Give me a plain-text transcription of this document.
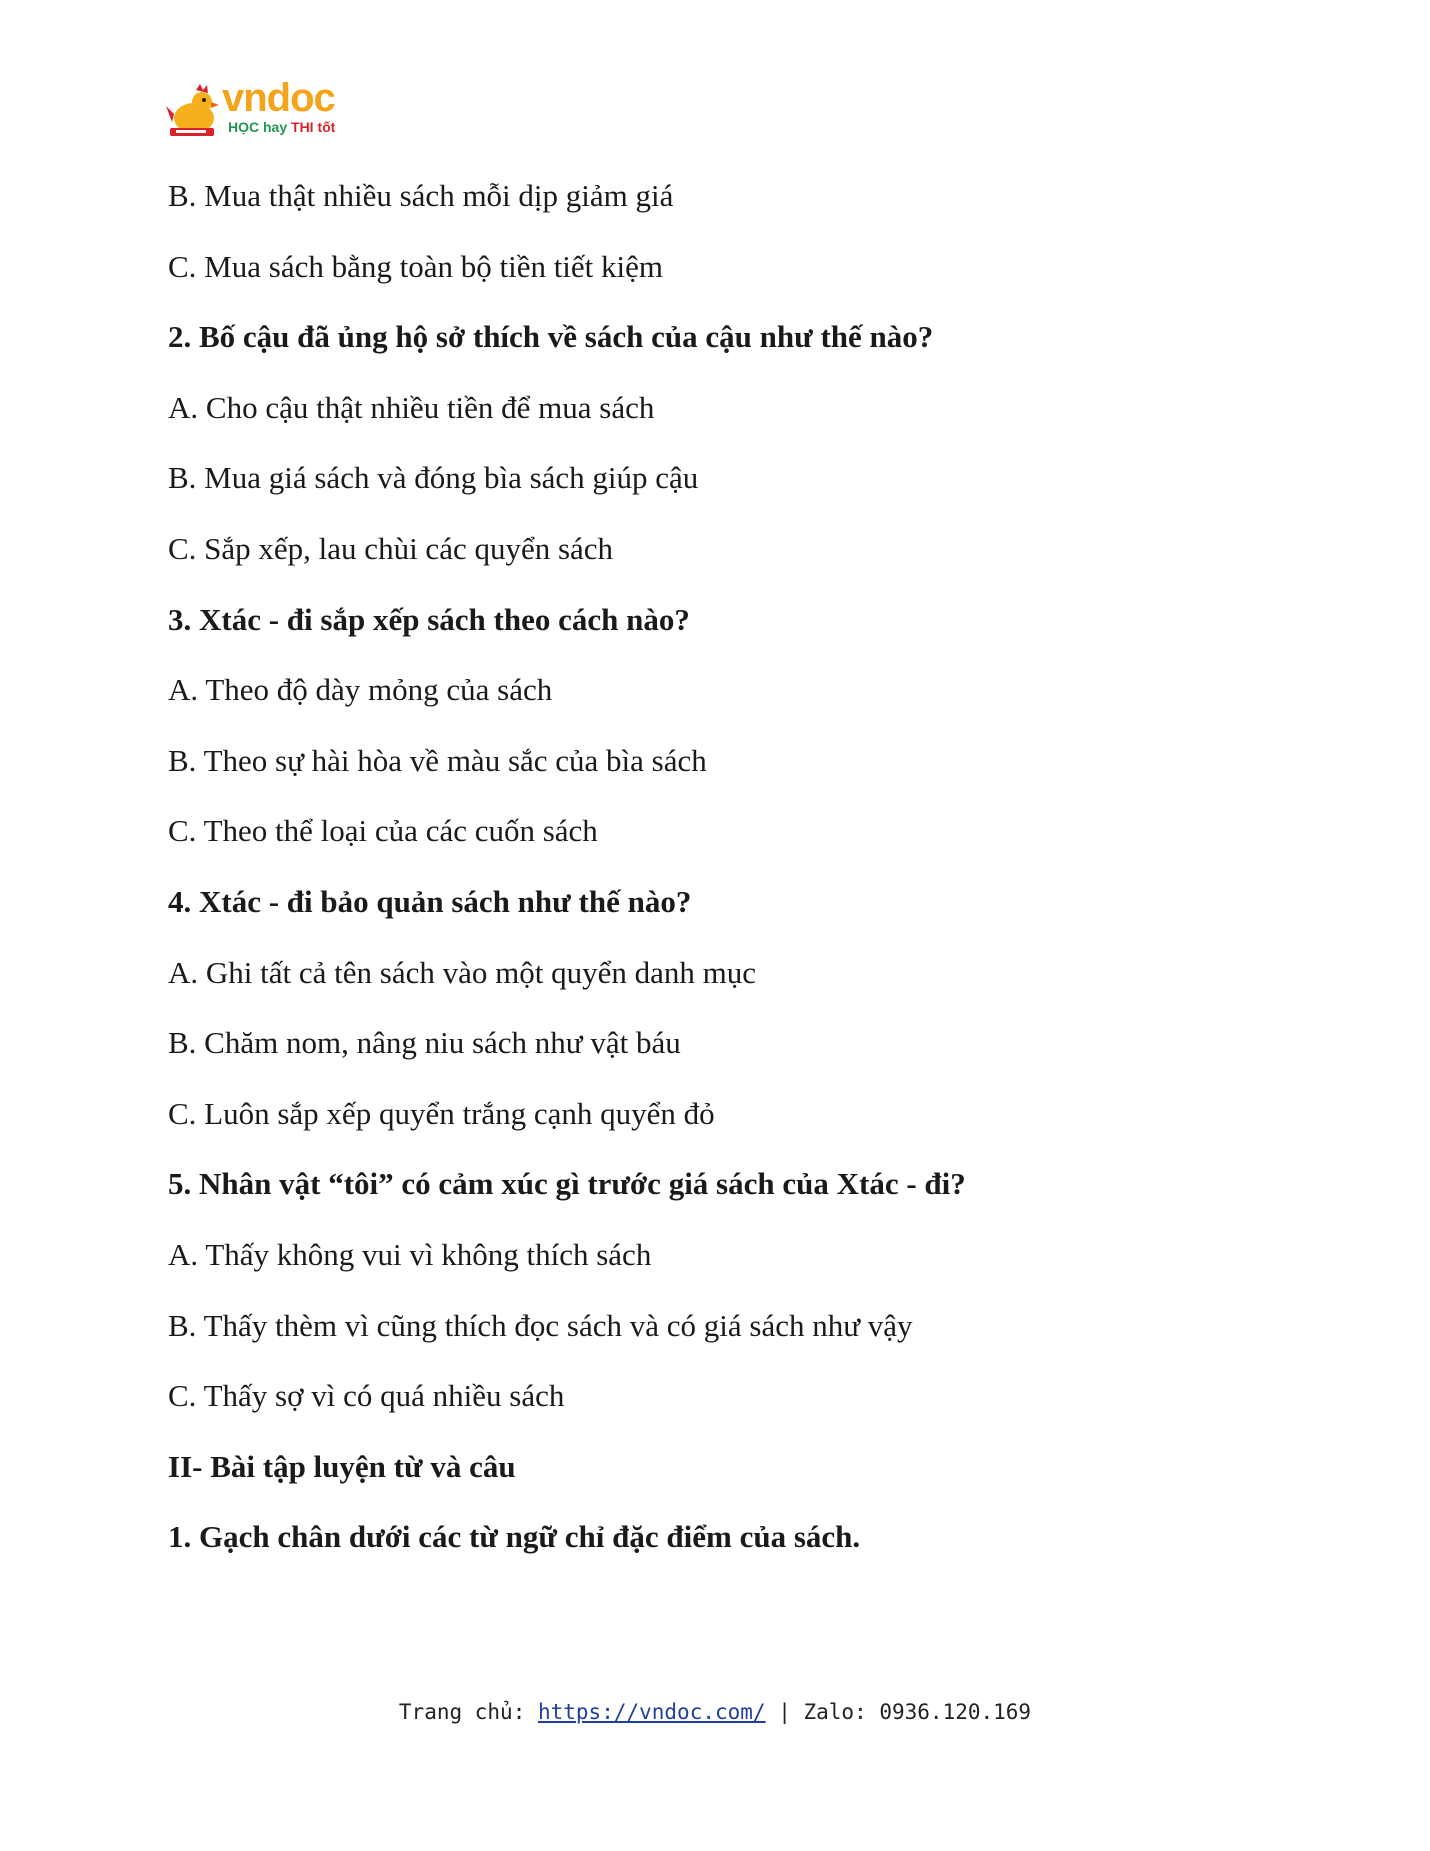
vndoc
HỌC hay THI tốt
B. Mua thật nhiều sách mỗi dịp giảm giá
C. Mua sách bằng toàn bộ tiền tiết kiệm
2. Bố cậu đã ủng hộ sở thích về sách của cậu như thế nào?
A. Cho cậu thật nhiều tiền để mua sách
B. Mua giá sách và đóng bìa sách giúp cậu
C. Sắp xếp, lau chùi các quyển sách
3. Xtác - đi sắp xếp sách theo cách nào?
A. Theo độ dày mỏng của sách
B. Theo sự hài hòa về màu sắc của bìa sách
C. Theo thể loại của các cuốn sách
4. Xtác - đi bảo quản sách như thế nào?
A. Ghi tất cả tên sách vào một quyển danh mục
B. Chăm nom, nâng niu sách như vật báu
C. Luôn sắp xếp quyển trắng cạnh quyển đỏ
5. Nhân vật “tôi” có cảm xúc gì trước giá sách của Xtác - đi?
A. Thấy không vui vì không thích sách
B. Thấy thèm vì cũng thích đọc sách và có giá sách như vậy
C. Thấy sợ vì có quá nhiều sách
II- Bài tập luyện từ và câu
1. Gạch chân dưới các từ ngữ chỉ đặc điểm của sách.
Trang chủ: https://vndoc.com/ | Zalo: 0936.120.169
